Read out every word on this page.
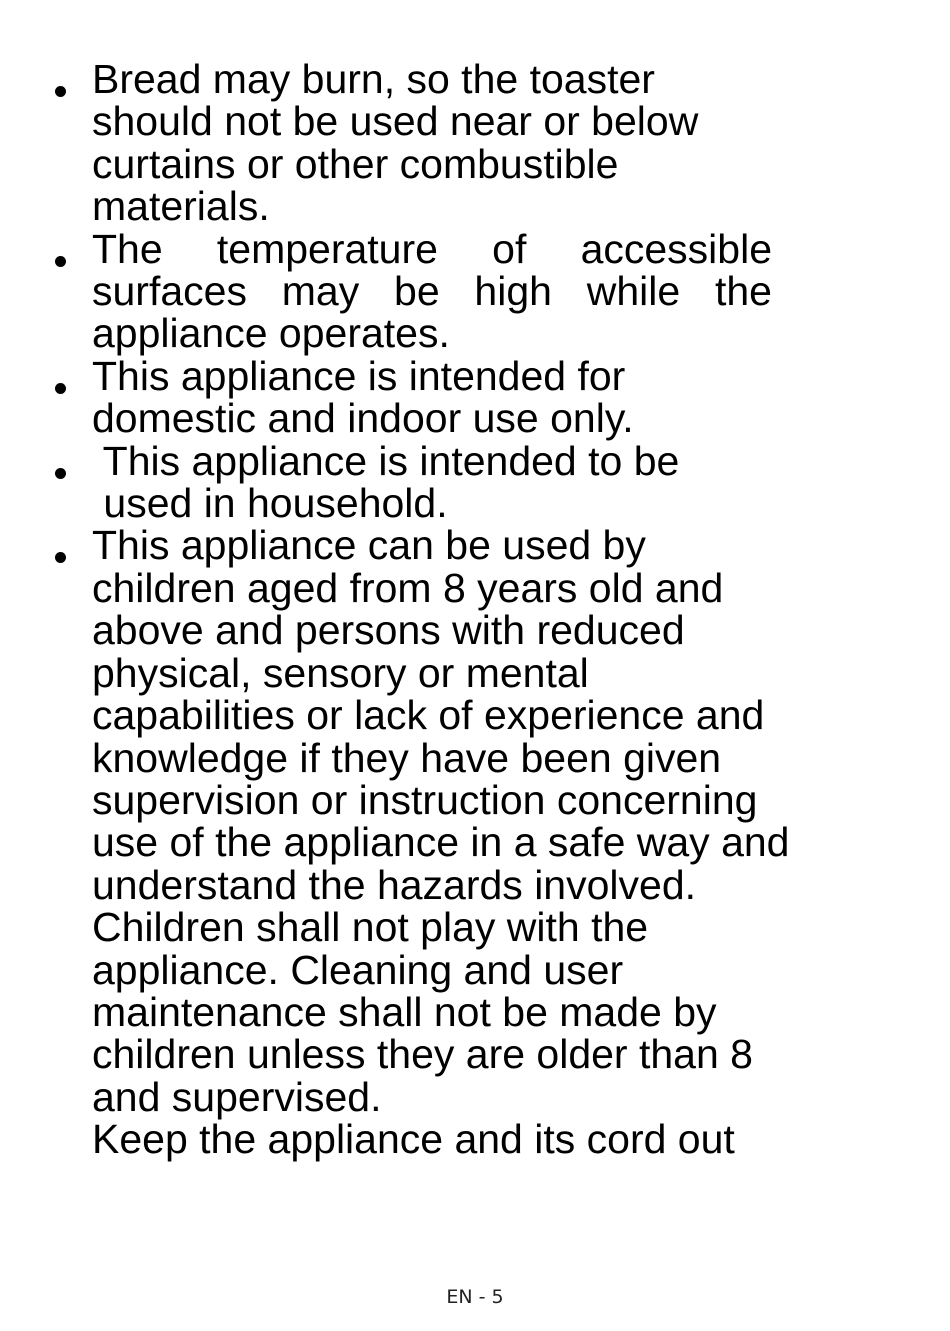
Bread may burn, so the toaster
should not be used near or below
curtains or other combustible
materials.
The temperature of accessible
surfaces may be high while the
appliance operates.
This appliance is intended for
domestic and indoor use only.
This appliance is intended to be
used in household.
This appliance can be used by
children aged from 8 years old and
above and persons with reduced
physical, sensory or mental
capabilities or lack of experience and
knowledge if they have been given
supervision or instruction concerning
use of the appliance in a safe way and
understand the hazards involved.
Children shall not play with the
appliance. Cleaning and user
maintenance shall not be made by
children unless they are older than 8
and supervised.
Keep the appliance and its cord out
EN - 5
